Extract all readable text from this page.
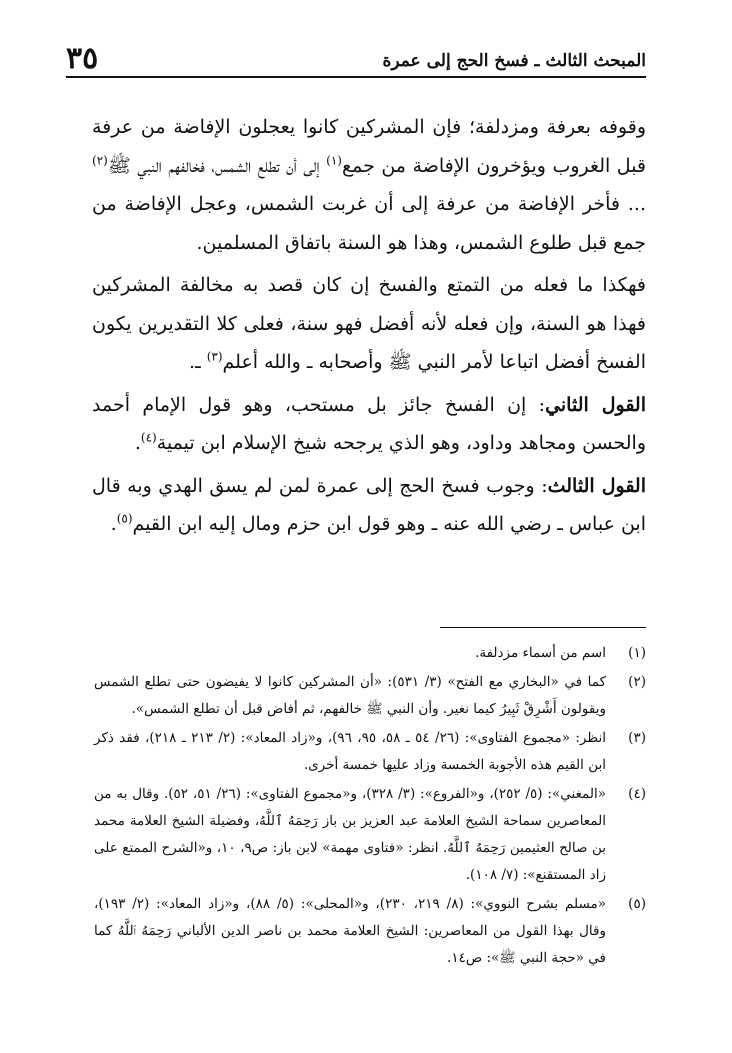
المبحث الثالث ـ فسخ الحج إلى عمرة
٣٥

وقوفه بعرفة ومزدلفة؛ فإن المشركين كانوا يعجلون الإفاضة من عرفة قبل الغروب ويؤخرون الإفاضة من جمع$^{(١)}$ إلى أن تطلع الشمس، فخالفهم النبي ﷺ$^{(٢)}$ ... فأخر الإفاضة من عرفة إلى أن غربت الشمس، وعجل الإفاضة من جمع قبل طلوع الشمس، وهذا هو السنة باتفاق المسلمين.

فهكذا ما فعله من التمتع والفسخ إن كان قصد به مخالفة المشركين فهذا هو السنة، وإن فعله لأنه أفضل فهو سنة، فعلى كلا التقديرين يكون الفسخ أفضل اتباعا لأمر النبي ﷺ وأصحابه ـ والله أعلم$^{(٣)}$ ـ.

القول الثاني: إن الفسخ جائز بل مستحب، وهو قول الإمام أحمد والحسن ومجاهد وداود، وهو الذي يرجحه شيخ الإسلام ابن تيمية$^{(٤)}$.

القول الثالث: وجوب فسخ الحج إلى عمرة لمن لم يسق الهدي وبه قال ابن عباس ـ رضي الله عنه ـ وهو قول ابن حزم ومال إليه ابن القيم$^{(٥)}$.

(١)
اسم من أسماء مزدلفة.
(٢)
كما في «البخاري مع الفتح» (٣/ ٥٣١): «أن المشركين كانوا لا يفيضون حتى تطلع الشمس ويقولون أَشْرِقْ ثَبِيرُ كيما نغير. وأن النبي ﷺ خالفهم، ثم أفاض قبل أن تطلع الشمس».
(٣)
انظر: «مجموع الفتاوى»: (٢٦/ ٥٤ ـ ٥٨، ٩٥، ٩٦)، و«زاد المعاد»: (٢/ ٢١٣ ـ ٢١٨)، فقد ذكر ابن القيم هذه الأجوبة الخمسة وزاد عليها خمسة أخرى.
(٤)
«المغني»: (٥/ ٢٥٢)، و«الفروع»: (٣/ ٣٢٨)، و«مجموع الفتاوى»: (٢٦/ ٥١، ٥٢). وقال به من المعاصرين سماحة الشيخ العلامة عبد العزيز بن باز رَحِمَهُ ٱللَّهُ، وفضيلة الشيخ العلامة محمد بن صالح العثيمين رَحِمَهُ ٱللَّهُ. انظر: «فتاوى مهمة» لابن باز: ص٩، ١٠، و«الشرح الممتع على زاد المستقنع»: (٧/ ١٠٨).
(٥)
«مسلم بشرح النووي»: (٨/ ٢١٩، ٢٣٠)، و«المحلى»: (٥/ ٨٨)، و«زاد المعاد»: (٢/ ١٩٣)، وقال بهذا القول من المعاصرين: الشيخ العلامة محمد بن ناصر الدين الألباني رَحِمَهُ ٱللَّهُ كما في «حجة النبي ﷺ»: ص١٤.
